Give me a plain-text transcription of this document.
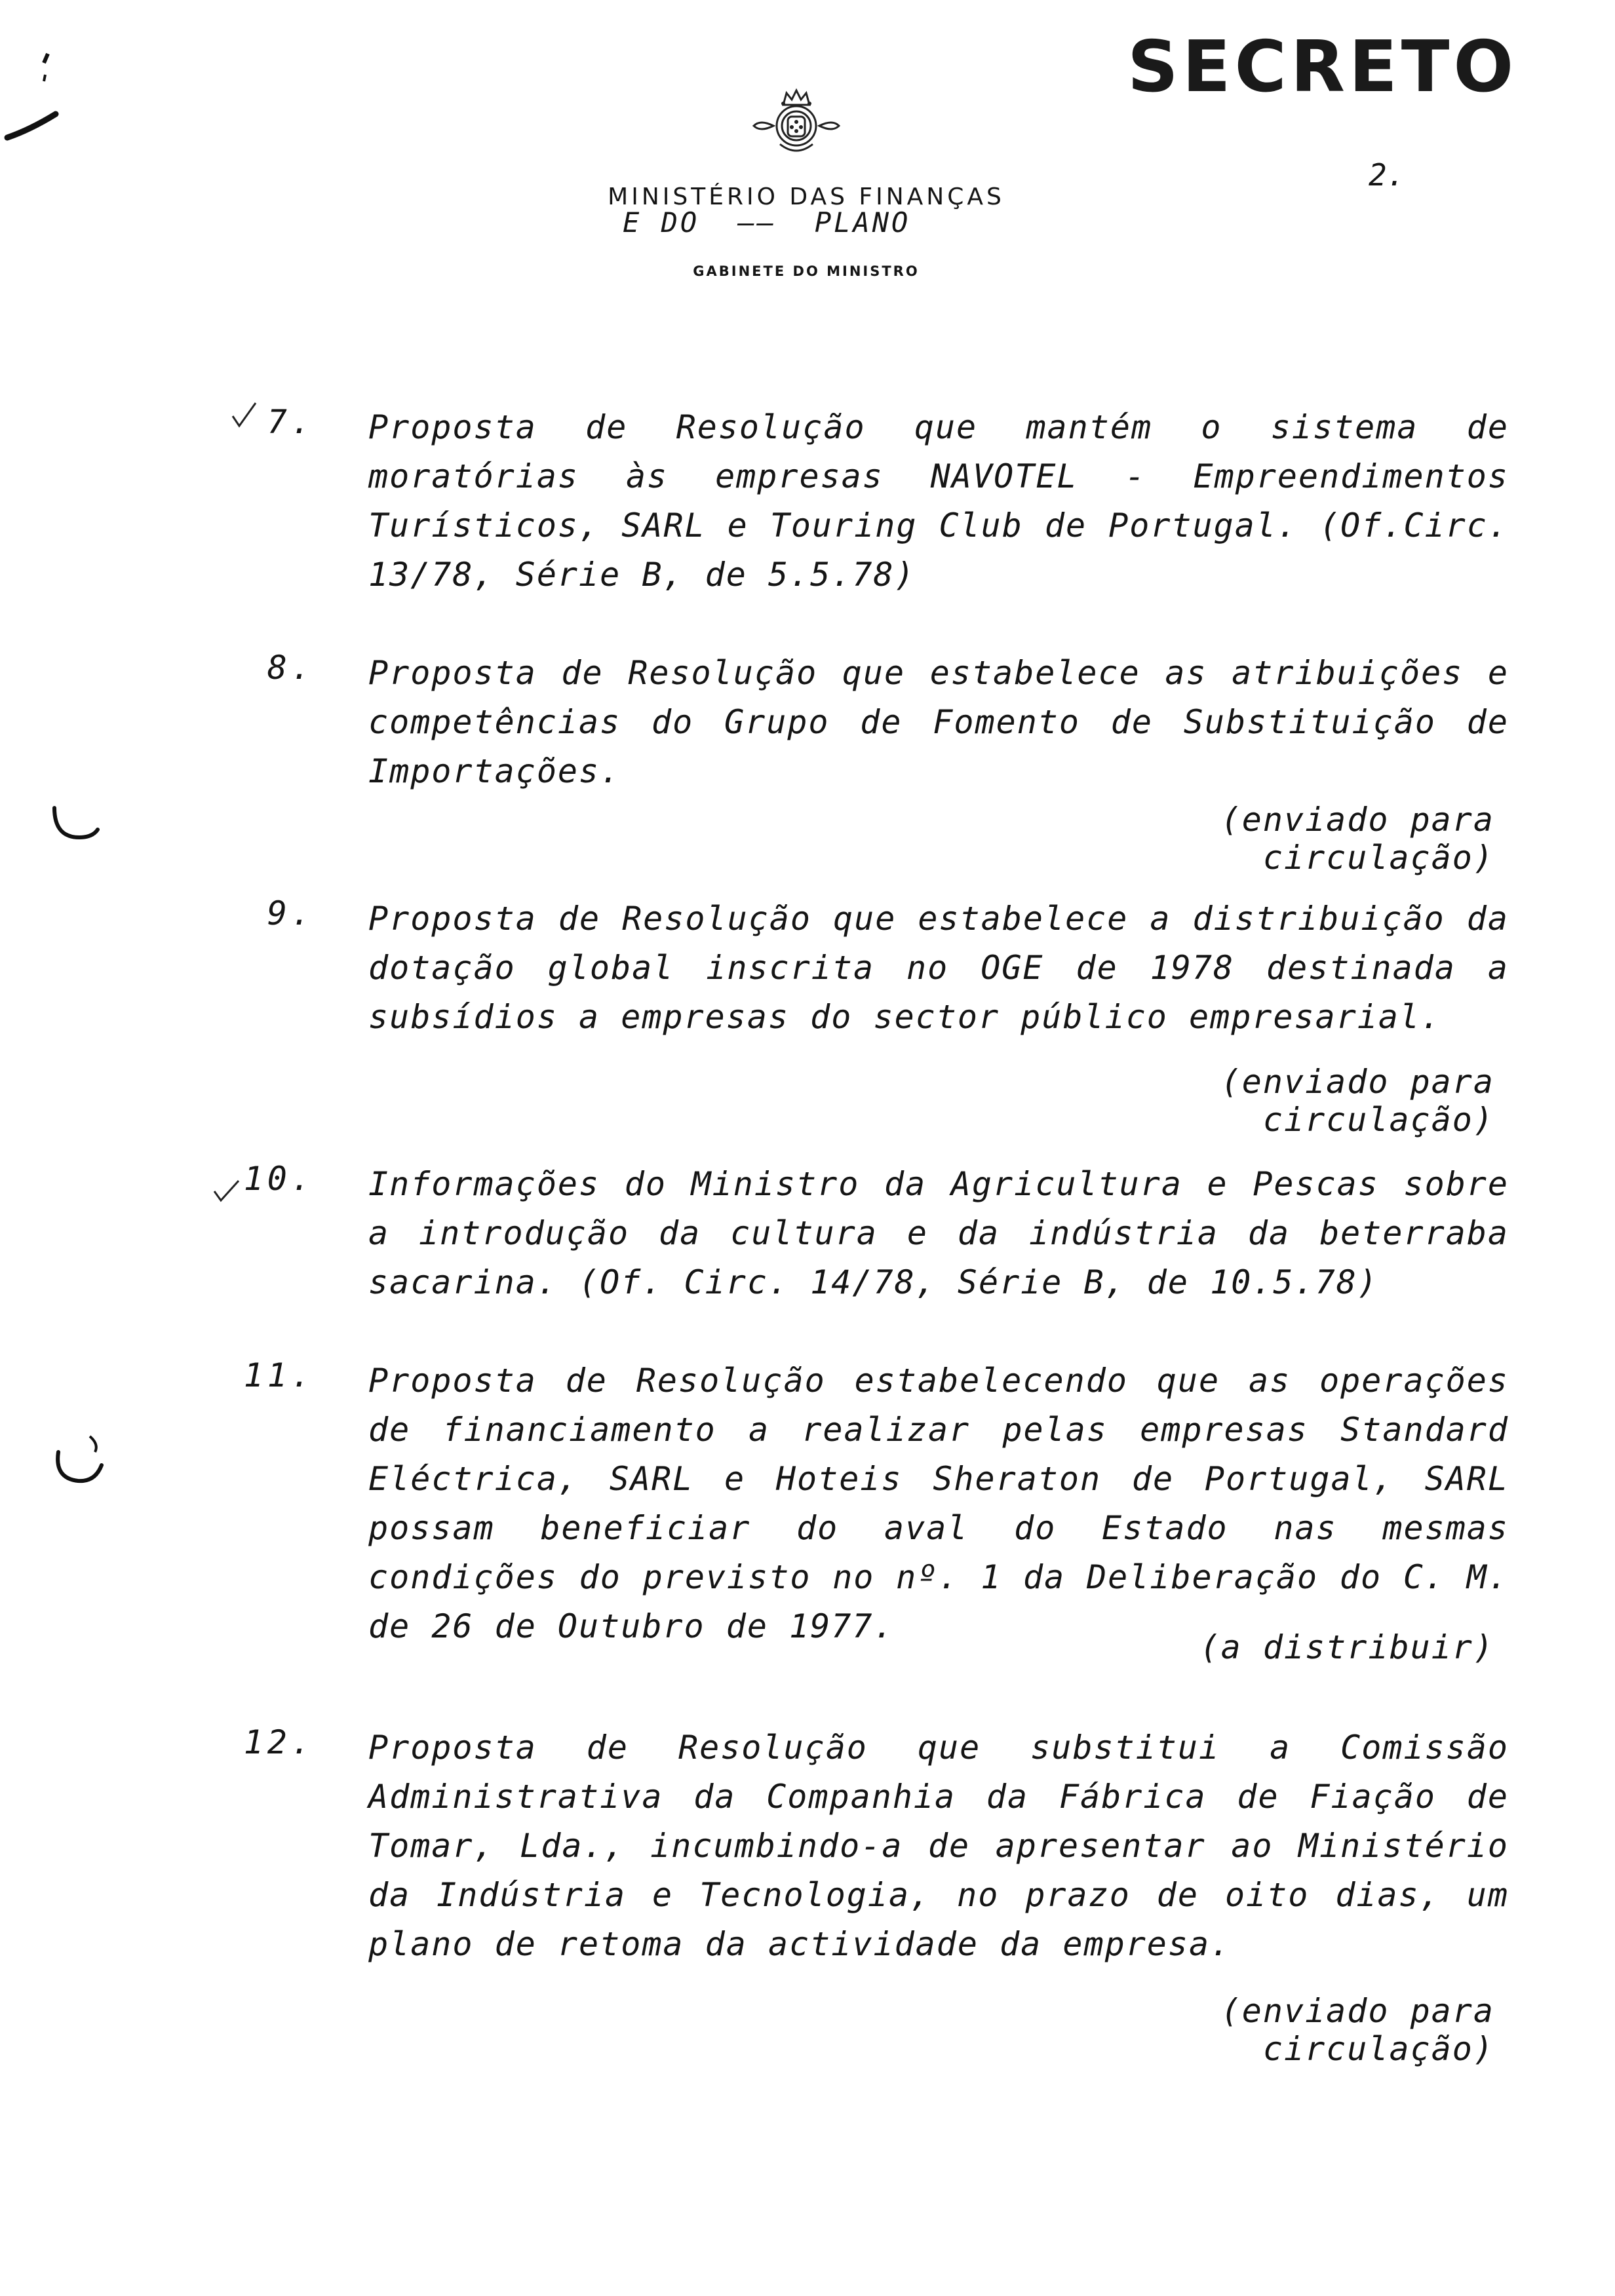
SECRETO
2.
MINISTÉRIO DAS FINANÇAS
E DO  ——  PLANO
GABINETE DO MINISTRO
7. Proposta de Resolução que mantém o sistema de moratórias às empresas NAVOTEL - Empreendimentos Turísticos, SARL e Touring Club de Portugal. (Of.Circ. 13/78, Série B, de 5.5.78)
8. Proposta de Resolução que estabelece as atribuições e competências do Grupo de Fomento de Substituição de Importações.
(enviado para circulação)
9. Proposta de Resolução que estabelece a distribuição da dotação global inscrita no OGE de 1978 destinada a subsídios a empresas do sector público empresarial.
(enviado para circulação)
10. Informações do Ministro da Agricultura e Pescas sobre a introdução da cultura e da indústria da beterraba sacarina. (Of. Circ. 14/78, Série B, de 10.5.78)
11. Proposta de Resolução estabelecendo que as operações de financiamento a realizar pelas empresas Standard Eléctrica, SARL e Hoteis Sheraton de Portugal, SARL possam beneficiar do aval do Estado nas mesmas condições do previsto no nº. 1 da Deliberação do C. M. de 26 de Outubro de 1977.
(a distribuir)
12. Proposta de Resolução que substitui a Comissão Administrativa da Companhia da Fábrica de Fiação de Tomar, Lda., incumbindo-a de apresentar ao Ministério da Indústria e Tecnologia, no prazo de oito dias, um plano de retoma da actividade da empresa.
(enviado para circulação)
